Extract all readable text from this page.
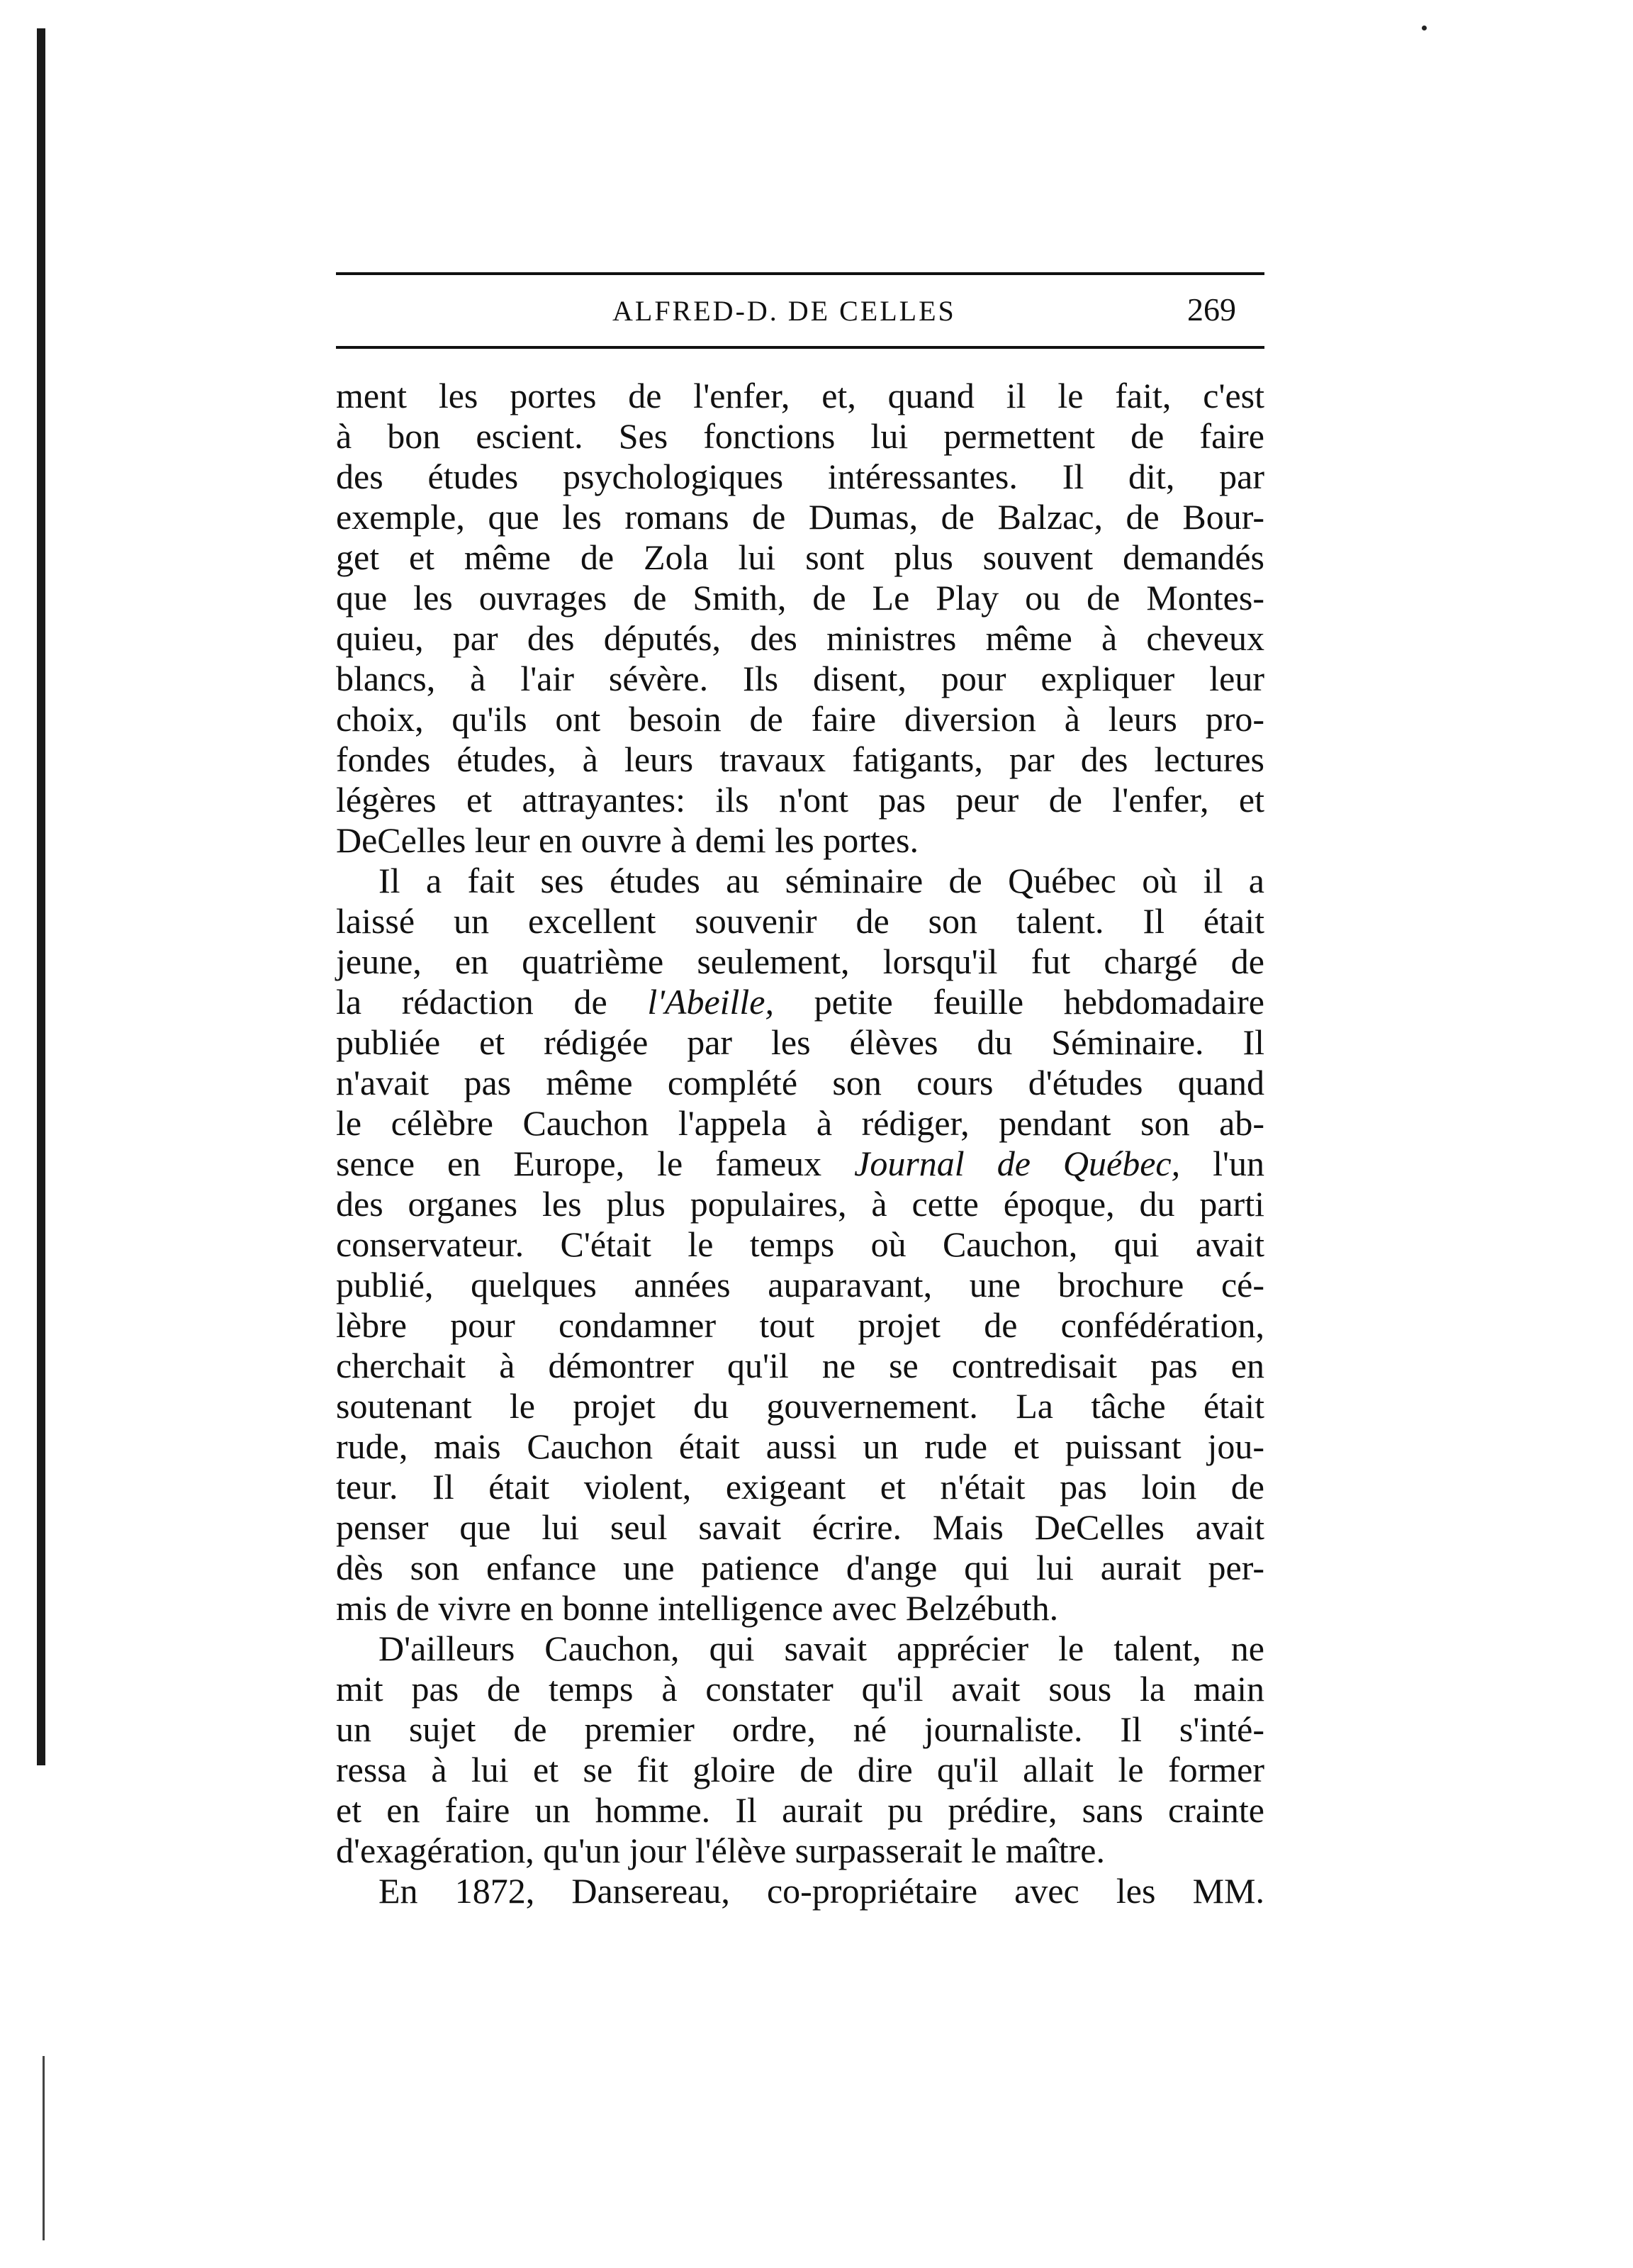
ALFRED-D. DE CELLES	269
ment les portes de l'enfer, et, quand il le fait, c'est
à bon escient. Ses fonctions lui permettent de faire
des études psychologiques intéressantes. Il dit, par
exemple, que les romans de Dumas, de Balzac, de Bour-
get et même de Zola lui sont plus souvent demandés
que les ouvrages de Smith, de Le Play ou de Montes-
quieu, par des députés, des ministres même à cheveux
blancs, à l'air sévère. Ils disent, pour expliquer leur
choix, qu'ils ont besoin de faire diversion à leurs pro-
fondes études, à leurs travaux fatigants, par des lectures
légères et attrayantes: ils n'ont pas peur de l'enfer, et
DeCelles leur en ouvre à demi les portes.
Il a fait ses études au séminaire de Québec où il a
laissé un excellent souvenir de son talent. Il était
jeune, en quatrième seulement, lorsqu'il fut chargé de
la rédaction de l'Abeille, petite feuille hebdomadaire
publiée et rédigée par les élèves du Séminaire. Il
n'avait pas même complété son cours d'études quand
le célèbre Cauchon l'appela à rédiger, pendant son ab-
sence en Europe, le fameux Journal de Québec, l'un
des organes les plus populaires, à cette époque, du parti
conservateur. C'était le temps où Cauchon, qui avait
publié, quelques années auparavant, une brochure cé-
lèbre pour condamner tout projet de confédération,
cherchait à démontrer qu'il ne se contredisait pas en
soutenant le projet du gouvernement. La tâche était
rude, mais Cauchon était aussi un rude et puissant jou-
teur. Il était violent, exigeant et n'était pas loin de
penser que lui seul savait écrire. Mais DeCelles avait
dès son enfance une patience d'ange qui lui aurait per-
mis de vivre en bonne intelligence avec Belzébuth.
D'ailleurs Cauchon, qui savait apprécier le talent, ne
mit pas de temps à constater qu'il avait sous la main
un sujet de premier ordre, né journaliste. Il s'inté-
ressa à lui et se fit gloire de dire qu'il allait le former
et en faire un homme. Il aurait pu prédire, sans crainte
d'exagération, qu'un jour l'élève surpasserait le maître.
En 1872, Dansereau, co-propriétaire avec les MM.
